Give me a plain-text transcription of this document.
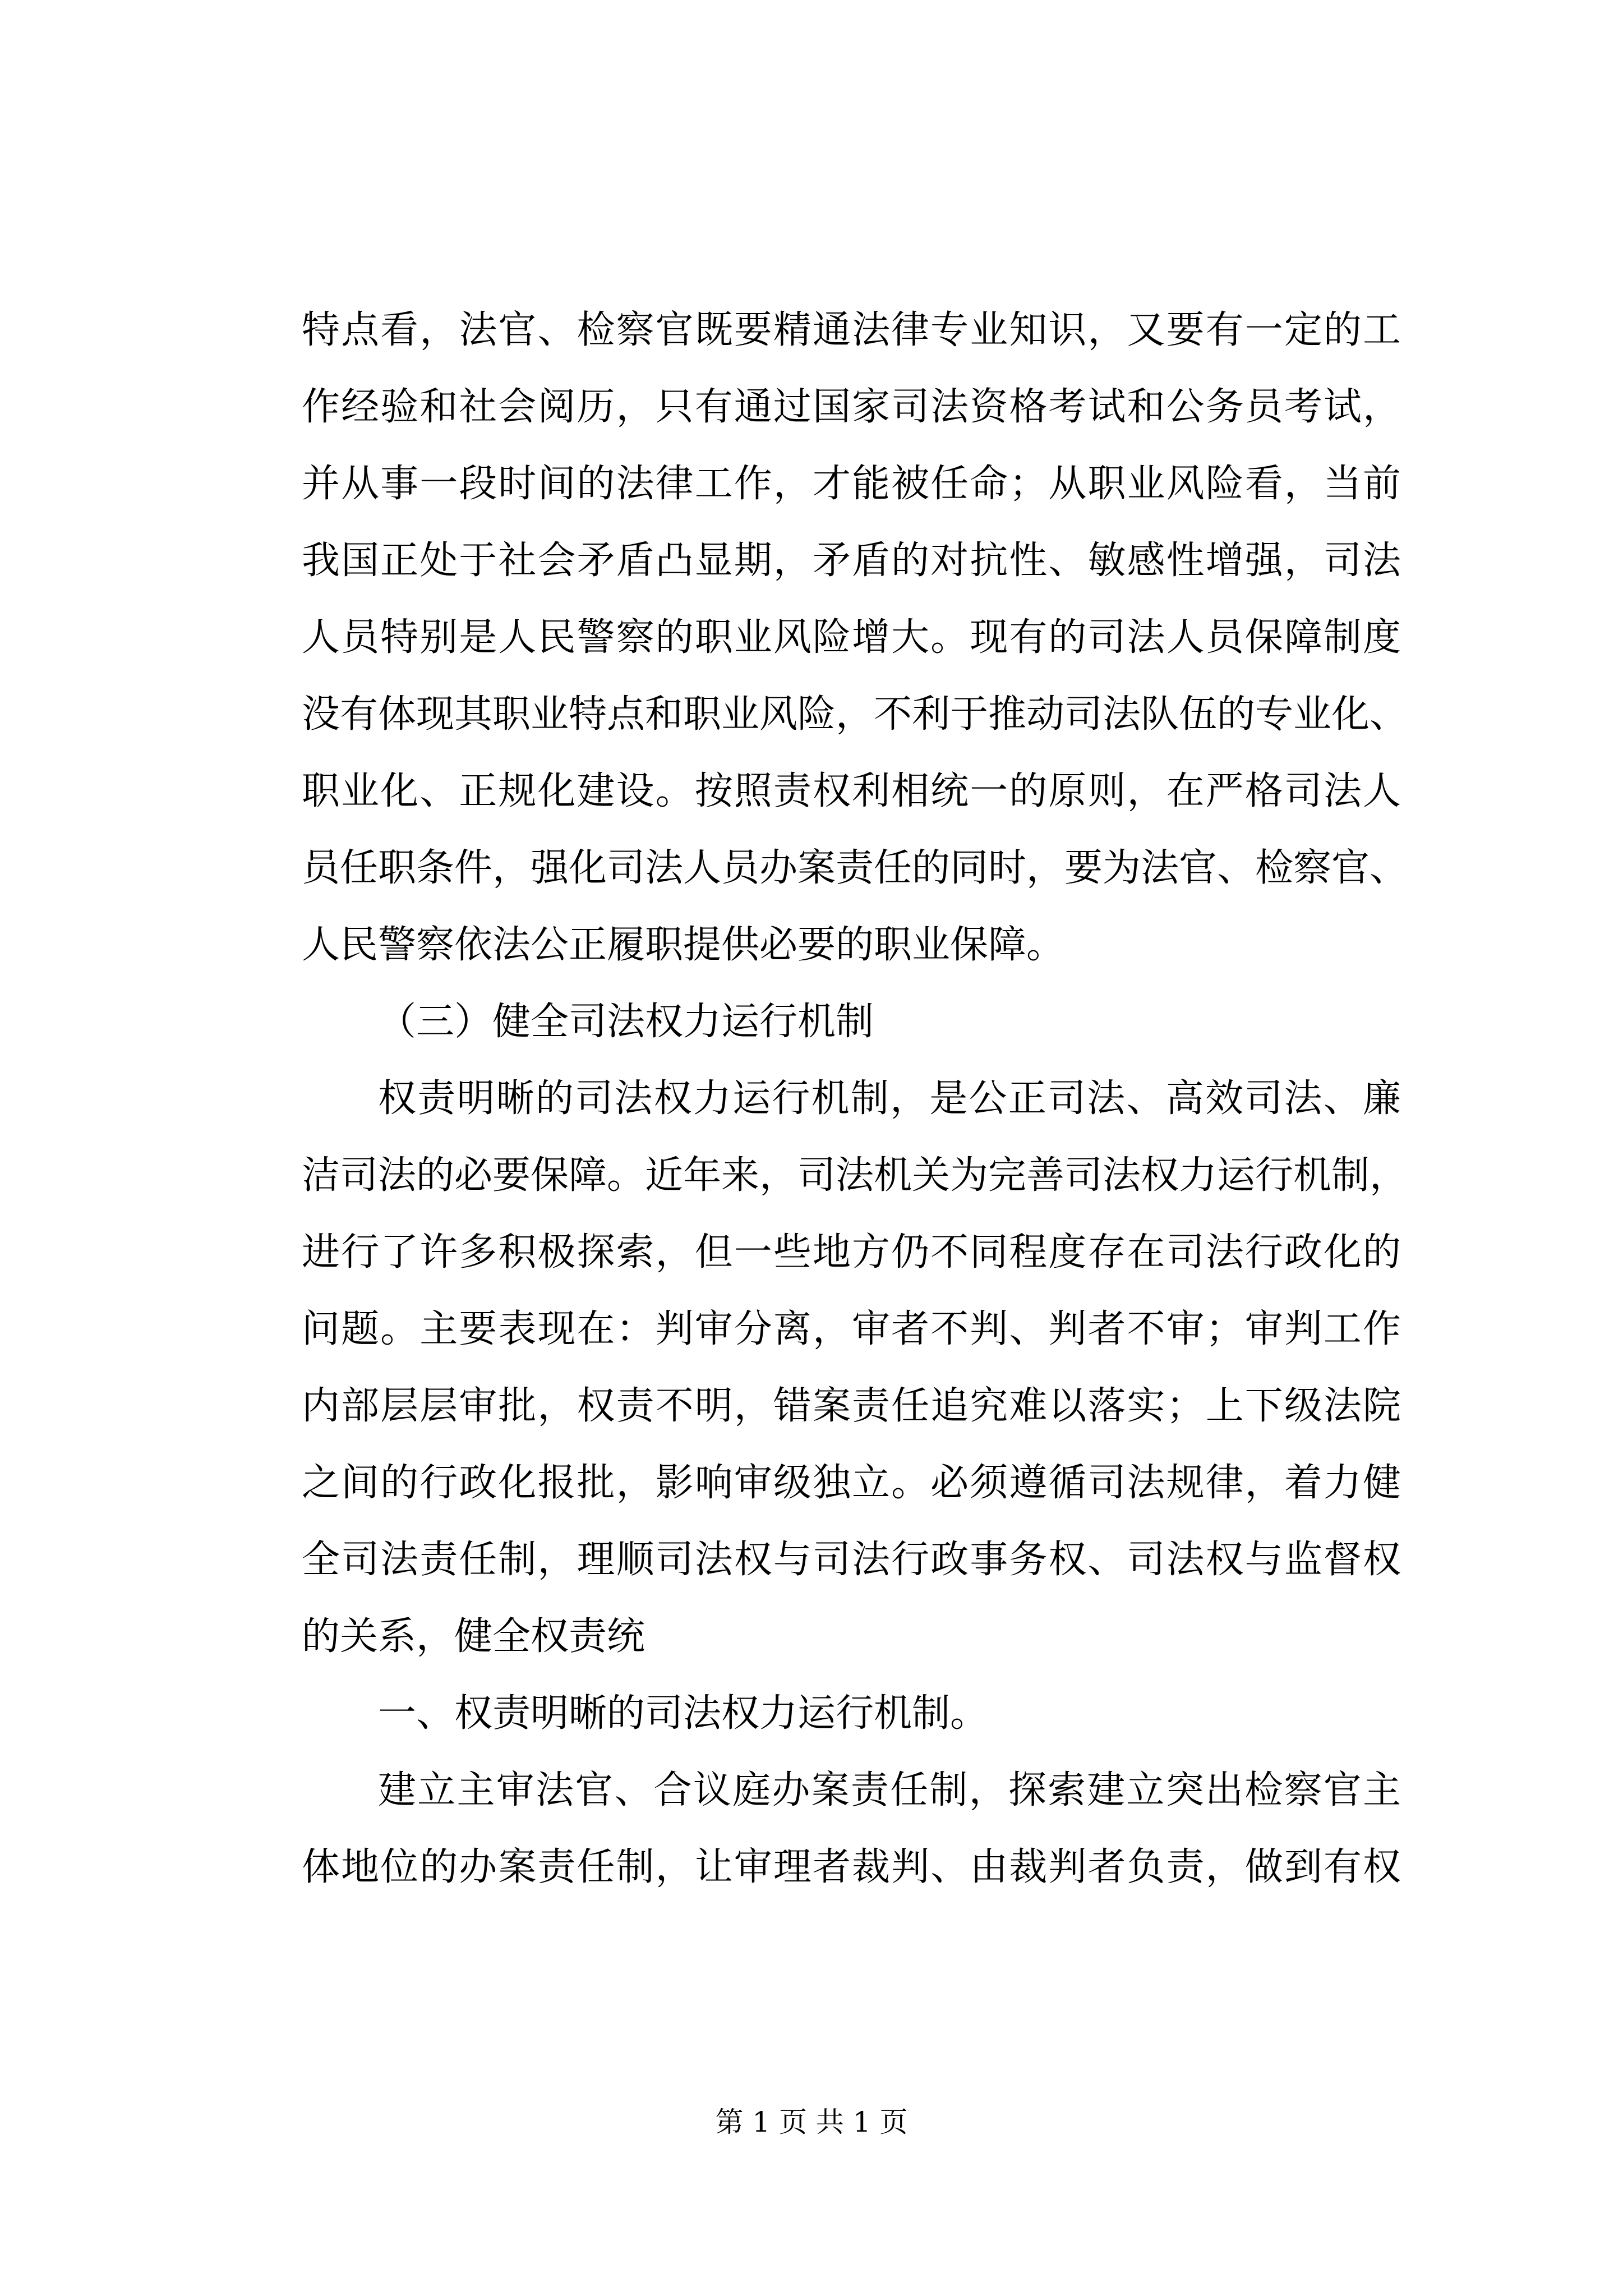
特点看，法官、检察官既要精通法律专业知识，又要有一定的工
作经验和社会阅历，只有通过国家司法资格考试和公务员考试，
并从事一段时间的法律工作，才能被任命；从职业风险看，当前
我国正处于社会矛盾凸显期，矛盾的对抗性、敏感性增强，司法
人员特别是人民警察的职业风险增大。现有的司法人员保障制度
没有体现其职业特点和职业风险，不利于推动司法队伍的专业化、
职业化、正规化建设。按照责权利相统一的原则，在严格司法人
员任职条件，强化司法人员办案责任的同时，要为法官、检察官、
人民警察依法公正履职提供必要的职业保障。
（三）健全司法权力运行机制
权责明晰的司法权力运行机制，是公正司法、高效司法、廉
洁司法的必要保障。近年来，司法机关为完善司法权力运行机制，
进行了许多积极探索，但一些地方仍不同程度存在司法行政化的
问题。主要表现在：判审分离，审者不判、判者不审；审判工作
内部层层审批，权责不明，错案责任追究难以落实；上下级法院
之间的行政化报批，影响审级独立。必须遵循司法规律，着力健
全司法责任制，理顺司法权与司法行政事务权、司法权与监督权
的关系，健全权责统
一、权责明晰的司法权力运行机制。
建立主审法官、合议庭办案责任制，探索建立突出检察官主
体地位的办案责任制，让审理者裁判、由裁判者负责，做到有权
第 1 页 共 1 页
